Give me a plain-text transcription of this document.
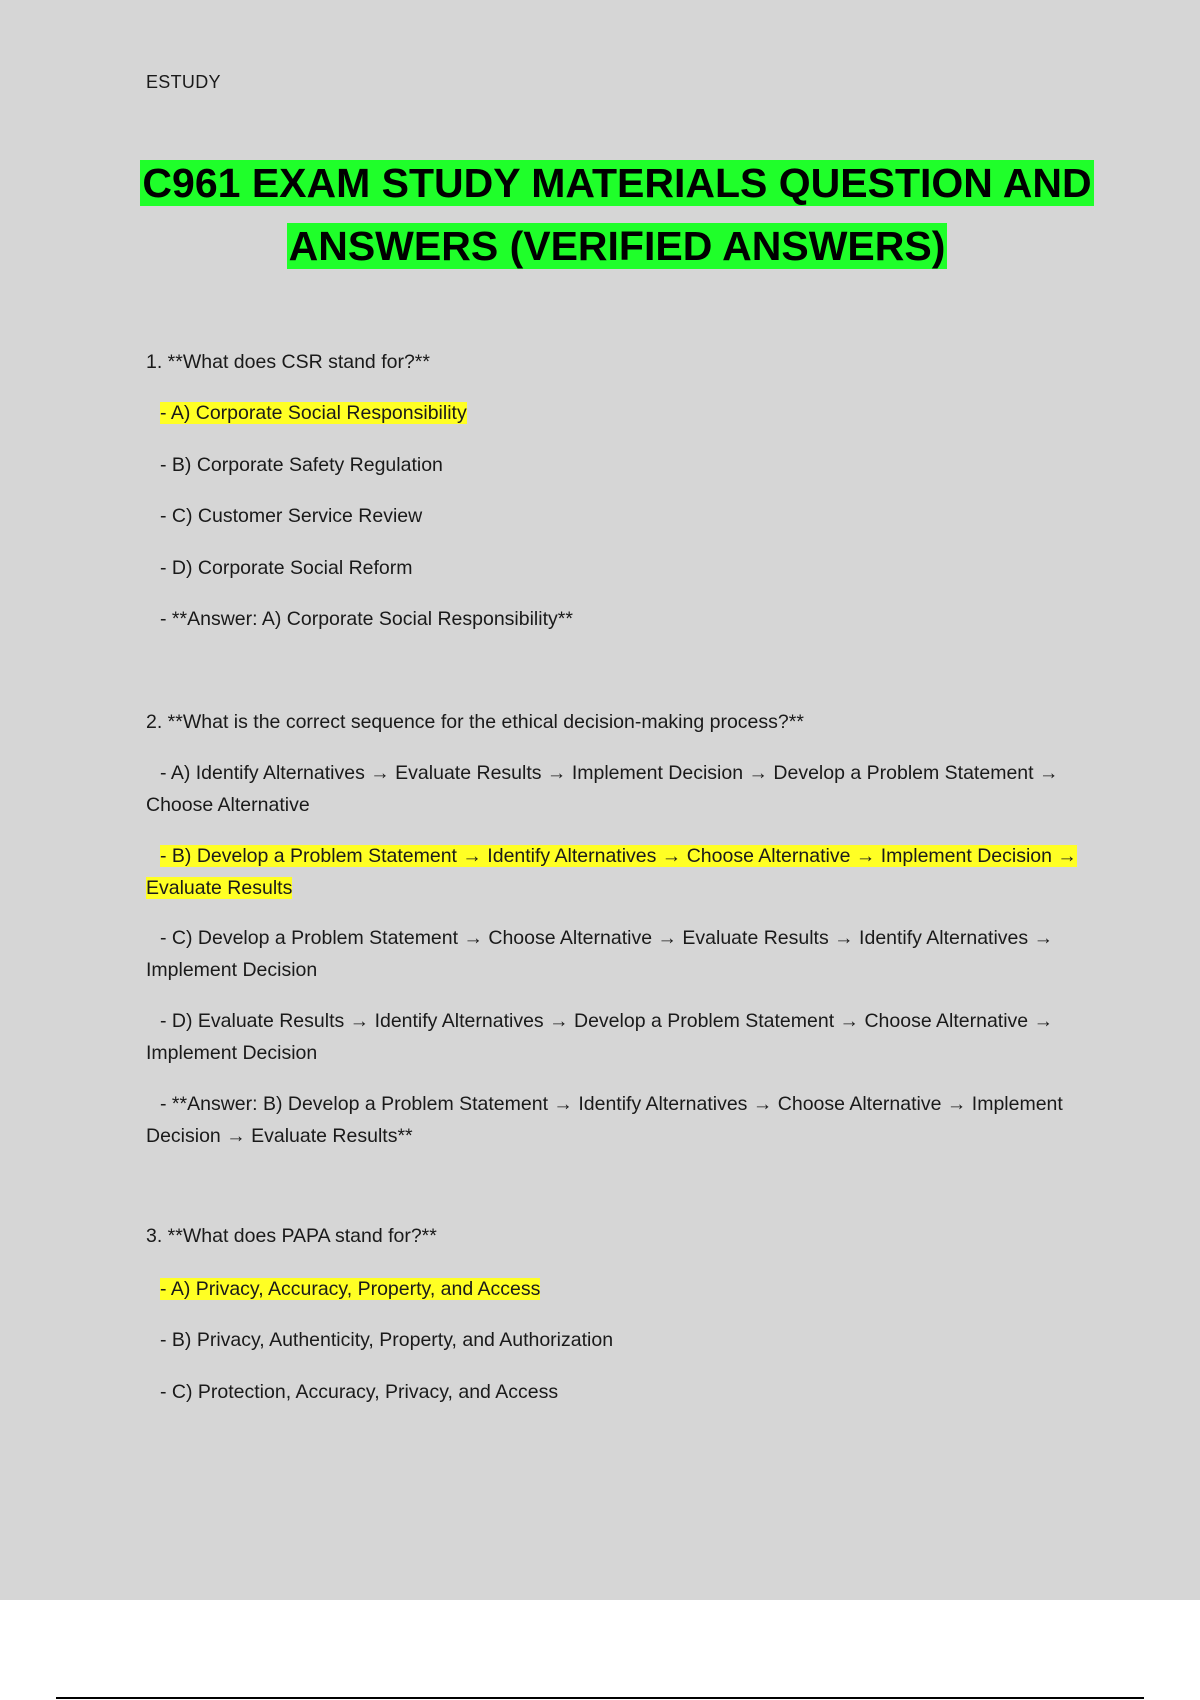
ESTUDY
C961 EXAM STUDY MATERIALS QUESTION AND
ANSWERS (VERIFIED ANSWERS)
1. **What does CSR stand for?**
- A) Corporate Social Responsibility
- B) Corporate Safety Regulation
- C) Customer Service Review
- D) Corporate Social Reform
- **Answer: A) Corporate Social Responsibility**
2. **What is the correct sequence for the ethical decision-making process?**
- A) Identify Alternatives → Evaluate Results → Implement Decision → Develop a Problem Statement → Choose Alternative
- B) Develop a Problem Statement → Identify Alternatives → Choose Alternative → Implement Decision → Evaluate Results
- C) Develop a Problem Statement → Choose Alternative → Evaluate Results → Identify Alternatives → Implement Decision
- D) Evaluate Results → Identify Alternatives → Develop a Problem Statement → Choose Alternative → Implement Decision
- **Answer: B) Develop a Problem Statement → Identify Alternatives → Choose Alternative → Implement Decision → Evaluate Results**
3. **What does PAPA stand for?**
- A) Privacy, Accuracy, Property, and Access
- B) Privacy, Authenticity, Property, and Authorization
- C) Protection, Accuracy, Privacy, and Access
